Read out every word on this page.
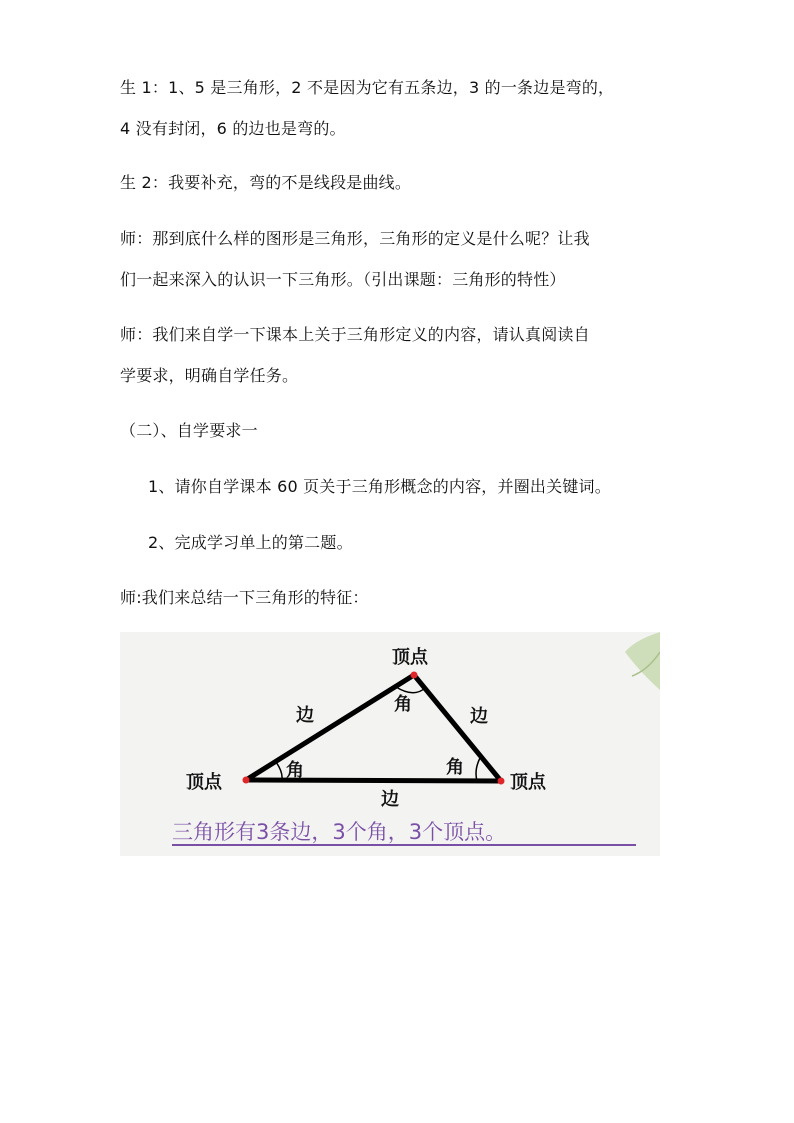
生 1：1、5 是三角形，2 不是因为它有五条边，3 的一条边是弯的，
4 没有封闭，6 的边也是弯的。
生 2：我要补充，弯的不是线段是曲线。
师：那到底什么样的图形是三角形，三角形的定义是什么呢？让我
们一起来深入的认识一下三角形。（引出课题：三角形的特性）
师：我们来自学一下课本上关于三角形定义的内容，请认真阅读自
学要求，明确自学任务。
（二）、自学要求一
1、请你自学课本 60 页关于三角形概念的内容，并圈出关键词。
2、完成学习单上的第二题。
师:我们来总结一下三角形的特征：
顶点
顶点	顶点
角
角	角
边	边
边
三角形有3条边，3个角，3个顶点。
